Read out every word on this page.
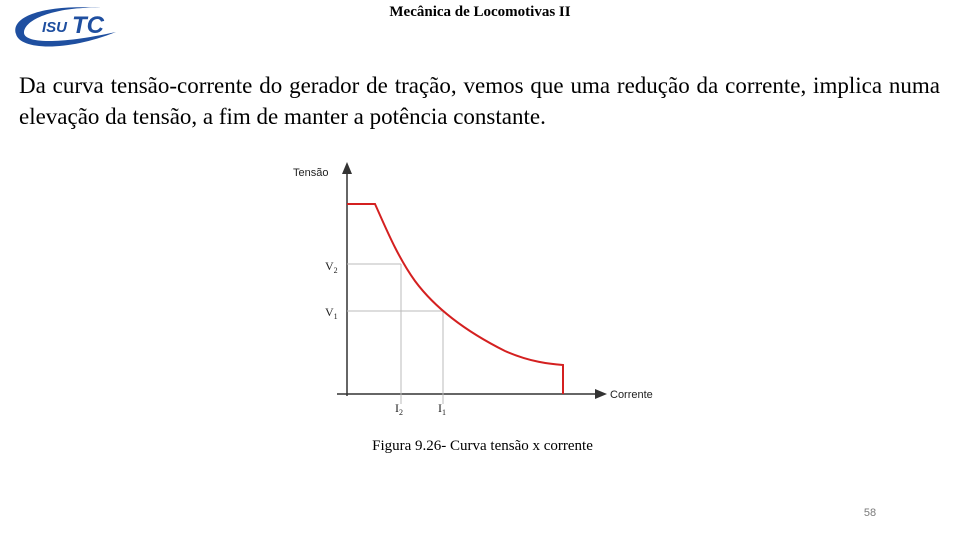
ISU TC	Mecânica de Locomotivas II
Da curva tensão-corrente do gerador de tração, vemos que uma redução da corrente, implica numa elevação da tensão, a fim de manter a potência constante.
Tensão
Corrente
$V_2$
$V_1$
$I_2$	$I_1$
Figura 9.26- Curva tensão x corrente
58
